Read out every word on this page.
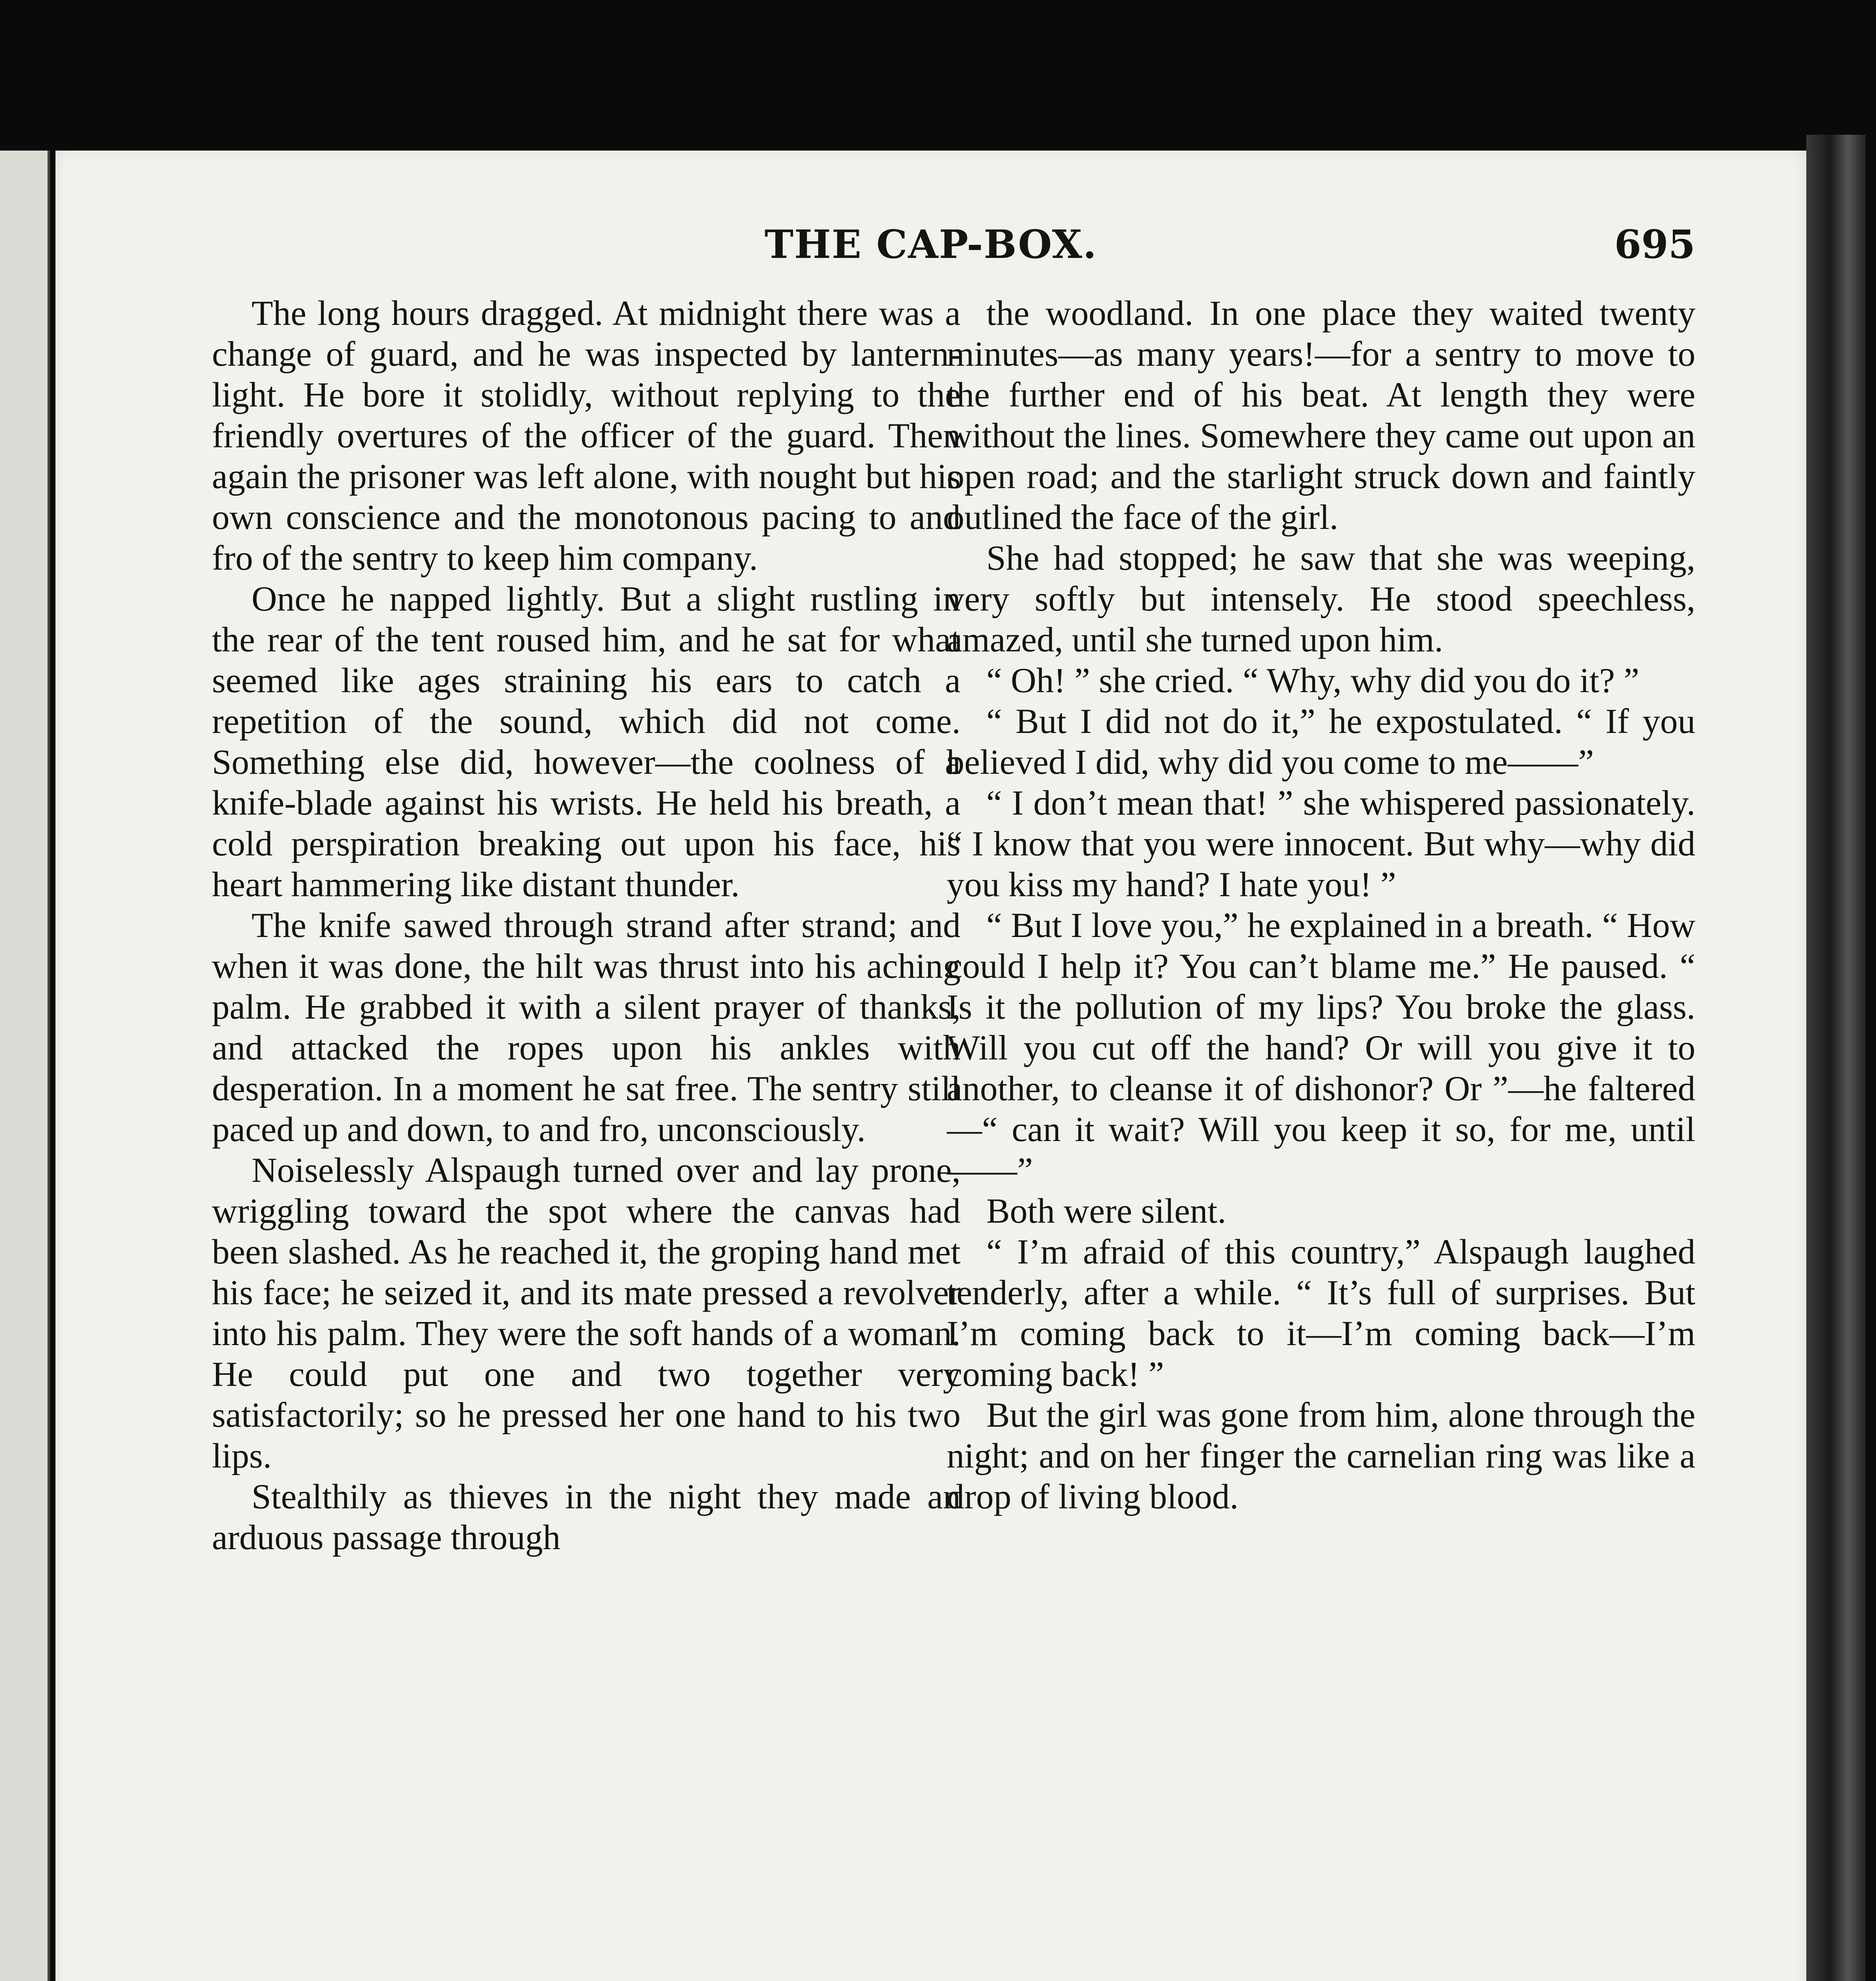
THE CAP-BOX.	695

The long hours dragged. At midnight there was a change of guard, and he was inspected by lantern-light. He bore it stolidly, without replying to the friendly overtures of the officer of the guard. Then again the prisoner was left alone, with nought but his own conscience and the monotonous pacing to and fro of the sentry to keep him company.

Once he napped lightly. But a slight rustling in the rear of the tent roused him, and he sat for what seemed like ages straining his ears to catch a repetition of the sound, which did not come. Something else did, however—the coolness of a knife-blade against his wrists. He held his breath, a cold perspiration breaking out upon his face, his heart hammering like distant thunder.

The knife sawed through strand after strand; and when it was done, the hilt was thrust into his aching palm. He grabbed it with a silent prayer of thanks, and attacked the ropes upon his ankles with desperation. In a moment he sat free. The sentry still paced up and down, to and fro, unconsciously.

Noiselessly Alspaugh turned over and lay prone, wriggling toward the spot where the canvas had been slashed. As he reached it, the groping hand met his face; he seized it, and its mate pressed a revolver into his palm. They were the soft hands of a woman. He could put one and two together very satisfactorily; so he pressed her one hand to his two lips.

Stealthily as thieves in the night they made an arduous passage through

the woodland. In one place they waited twenty minutes—as many years!—for a sentry to move to the further end of his beat. At length they were without the lines. Somewhere they came out upon an open road; and the starlight struck down and faintly outlined the face of the girl.

She had stopped; he saw that she was weeping, very softly but intensely. He stood speechless, amazed, until she turned upon him.

“ Oh! ” she cried. “ Why, why did you do it? ”

“ But I did not do it,” he expostulated. “ If you believed I did, why did you come to me——”

“ I don’t mean that! ” she whispered passionately. “ I know that you were innocent. But why—why did you kiss my hand? I hate you! ”

“ But I love you,” he explained in a breath. “ How could I help it? You can’t blame me.” He paused. “ Is it the pollution of my lips? You broke the glass. Will you cut off the hand? Or will you give it to another, to cleanse it of dishonor? Or ”—he faltered—“ can it wait? Will you keep it so, for me, until——”

Both were silent.

“ I’m afraid of this country,” Alspaugh laughed tenderly, after a while. “ It’s full of surprises. But I’m coming back to it—I’m coming back—I’m coming back! ”

But the girl was gone from him, alone through the night; and on her finger the carnelian ring was like a drop of living blood.
